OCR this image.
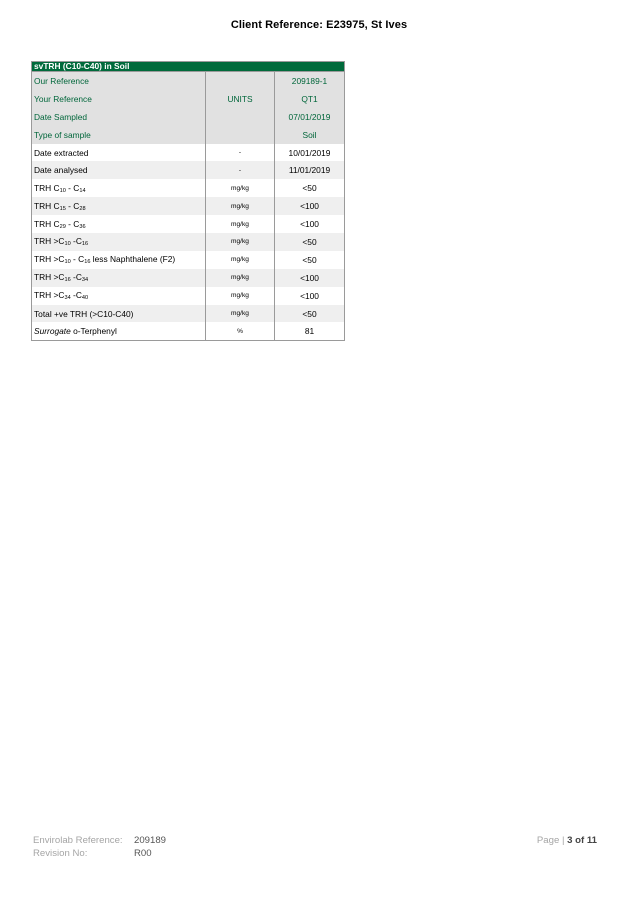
Client Reference: E23975, St Ives
svTRH (C10-C40) in Soil		
Our Reference		209189-1
Your Reference	UNITS	QT1
Date Sampled		07/01/2019
Type of sample		Soil
Date extracted	-	10/01/2019
Date analysed	-	11/01/2019
TRH $C_{10} - C_{14}$	mg/kg	<50
TRH $C_{15} - C_{28}$	mg/kg	<100
TRH $C_{29} - C_{36}$	mg/kg	<100
TRH $>C_{10}$ $-C_{16}$	mg/kg	<50
TRH $>C_{10} - C_{16}$ less Naphthalene (F2)	mg/kg	<50
TRH $>C_{16}$ $-C_{34}$	mg/kg	<100
TRH $>C_{34}$ $-C_{40}$	mg/kg	<100
Total +ve TRH (>C10-C40)	mg/kg	<50
Surrogate o-Terphenyl	%	81
Envirolab Reference: 209189
Revision No:	R00
Page | 3 of 11
